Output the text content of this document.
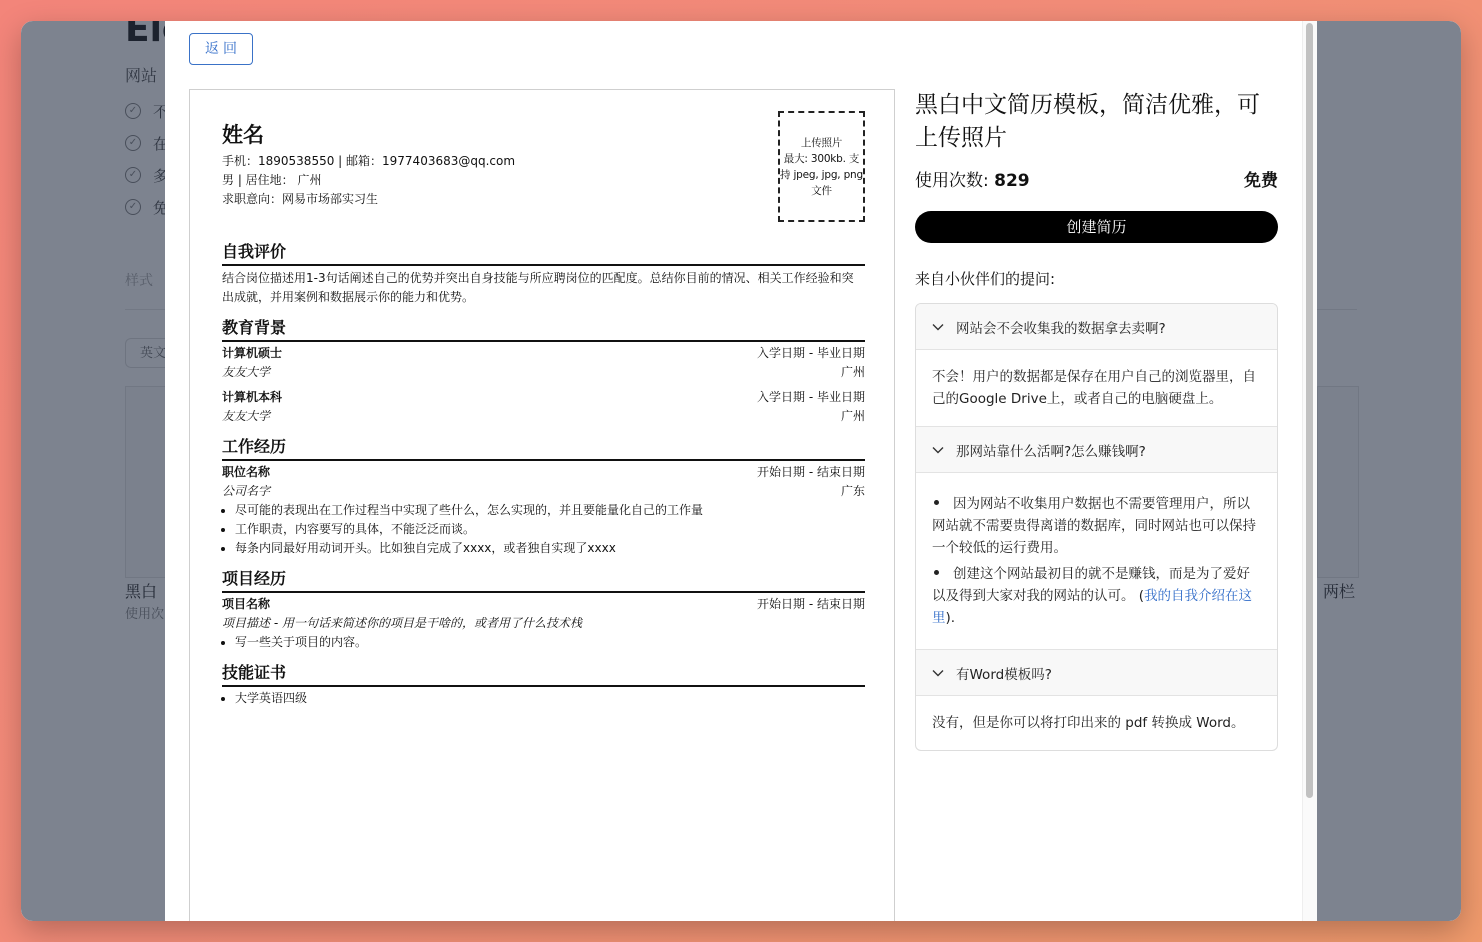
返回
姓名
手机：1890538550 | 邮箱：1977403683@qq.com
男 | 居住地： 广州
求职意向：网易市场部实习生
上传照片
最大: 300kb. 支
持 jpeg, jpg, png
文件
自我评价
结合岗位描述用1-3句话阐述自己的优势并突出自身技能与所应聘岗位的匹配度。总结你目前的情况、相关工作经验和突出成就，并用案例和数据展示你的能力和优势。
教育背景
计算机硕士	入学日期 - 毕业日期
友友大学	广州
计算机本科	入学日期 - 毕业日期
友友大学	广州
工作经历
职位名称	开始日期 - 结束日期
公司名字	广东
• 尽可能的表现出在工作过程当中实现了些什么，怎么实现的，并且要能量化自己的工作量
• 工作职责，内容要写的具体，不能泛泛而谈。
• 每条内同最好用动词开头。比如独自完成了xxxx，或者独自实现了xxxx
项目经历
项目名称	开始日期 - 结束日期
项目描述 - 用一句话来简述你的项目是干啥的，或者用了什么技术栈
• 写一些关于项目的内容。
技能证书
• 大学英语四级
黑白中文简历模板，简洁优雅，可上传照片
使用次数: 829	免费
创建简历
来自小伙伴们的提问:
网站会不会收集我的数据拿去卖啊?
不会！用户的数据都是保存在用户自己的浏览器里，自己的Google Drive上，或者自己的电脑硬盘上。
那网站靠什么活啊?怎么赚钱啊?
因为网站不收集用户数据也不需要管理用户，所以网站就不需要贵得离谱的数据库，同时网站也可以保持一个较低的运行费用。
创建这个网站最初目的就不是赚钱，而是为了爱好以及得到大家对我的网站的认可。 (我的自我介绍在这里).
有Word模板吗?
没有，但是你可以将打印出来的 pdf 转换成 Word。
